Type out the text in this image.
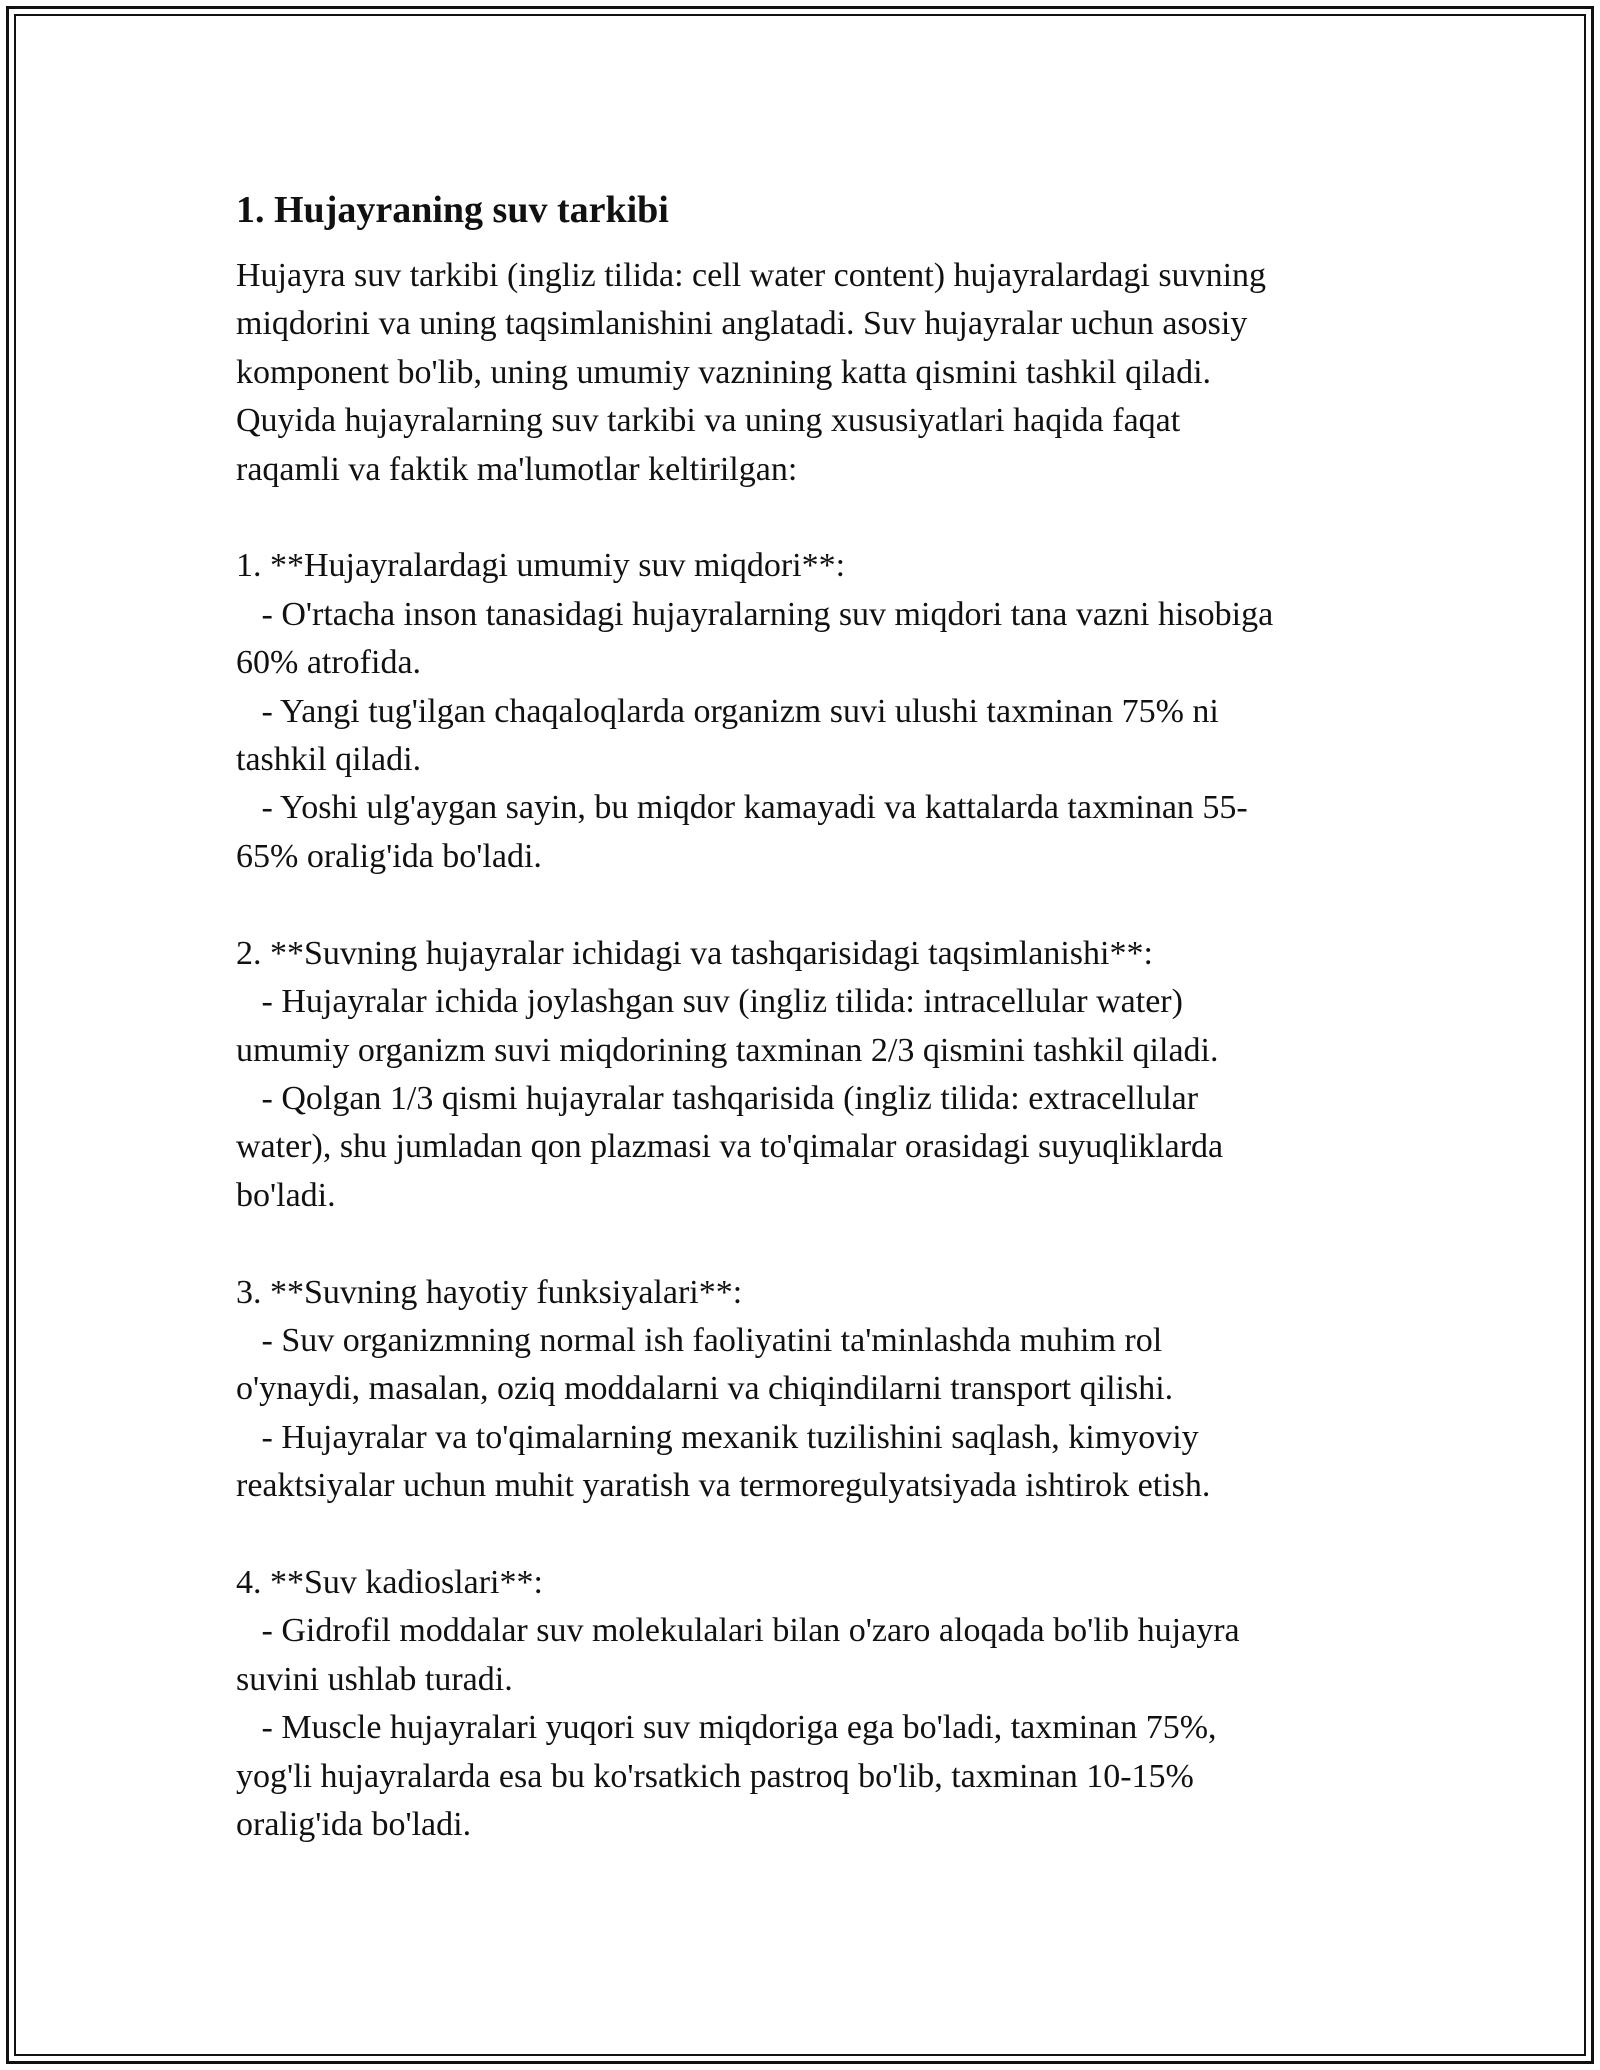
1. Hujayraning suv tarkibi

Hujayra suv tarkibi (ingliz tilida: cell water content) hujayralardagi suvning
miqdorini va uning taqsimlanishini anglatadi. Suv hujayralar uchun asosiy
komponent bo'lib, uning umumiy vaznining katta qismini tashkil qiladi.
Quyida hujayralarning suv tarkibi va uning xususiyatlari haqida faqat
raqamli va faktik ma'lumotlar keltirilgan:

1. **Hujayralardagi umumiy suv miqdori**:
- O'rtacha inson tanasidagi hujayralarning suv miqdori tana vazni hisobiga
60% atrofida.
- Yangi tug'ilgan chaqaloqlarda organizm suvi ulushi taxminan 75% ni
tashkil qiladi.
- Yoshi ulg'aygan sayin, bu miqdor kamayadi va kattalarda taxminan 55-
65% oralig'ida bo'ladi.

2. **Suvning hujayralar ichidagi va tashqarisidagi taqsimlanishi**:
- Hujayralar ichida joylashgan suv (ingliz tilida: intracellular water)
umumiy organizm suvi miqdorining taxminan 2/3 qismini tashkil qiladi.
- Qolgan 1/3 qismi hujayralar tashqarisida (ingliz tilida: extracellular
water), shu jumladan qon plazmasi va to'qimalar orasidagi suyuqliklarda
bo'ladi.

3. **Suvning hayotiy funksiyalari**:
- Suv organizmning normal ish faoliyatini ta'minlashda muhim rol
o'ynaydi, masalan, oziq moddalarni va chiqindilarni transport qilishi.
- Hujayralar va to'qimalarning mexanik tuzilishini saqlash, kimyoviy
reaktsiyalar uchun muhit yaratish va termoregulyatsiyada ishtirok etish.

4. **Suv kadioslari**:
- Gidrofil moddalar suv molekulalari bilan o'zaro aloqada bo'lib hujayra
suvini ushlab turadi.
- Muscle hujayralari yuqori suv miqdoriga ega bo'ladi, taxminan 75%,
yog'li hujayralarda esa bu ko'rsatkich pastroq bo'lib, taxminan 10-15%
oralig'ida bo'ladi.
